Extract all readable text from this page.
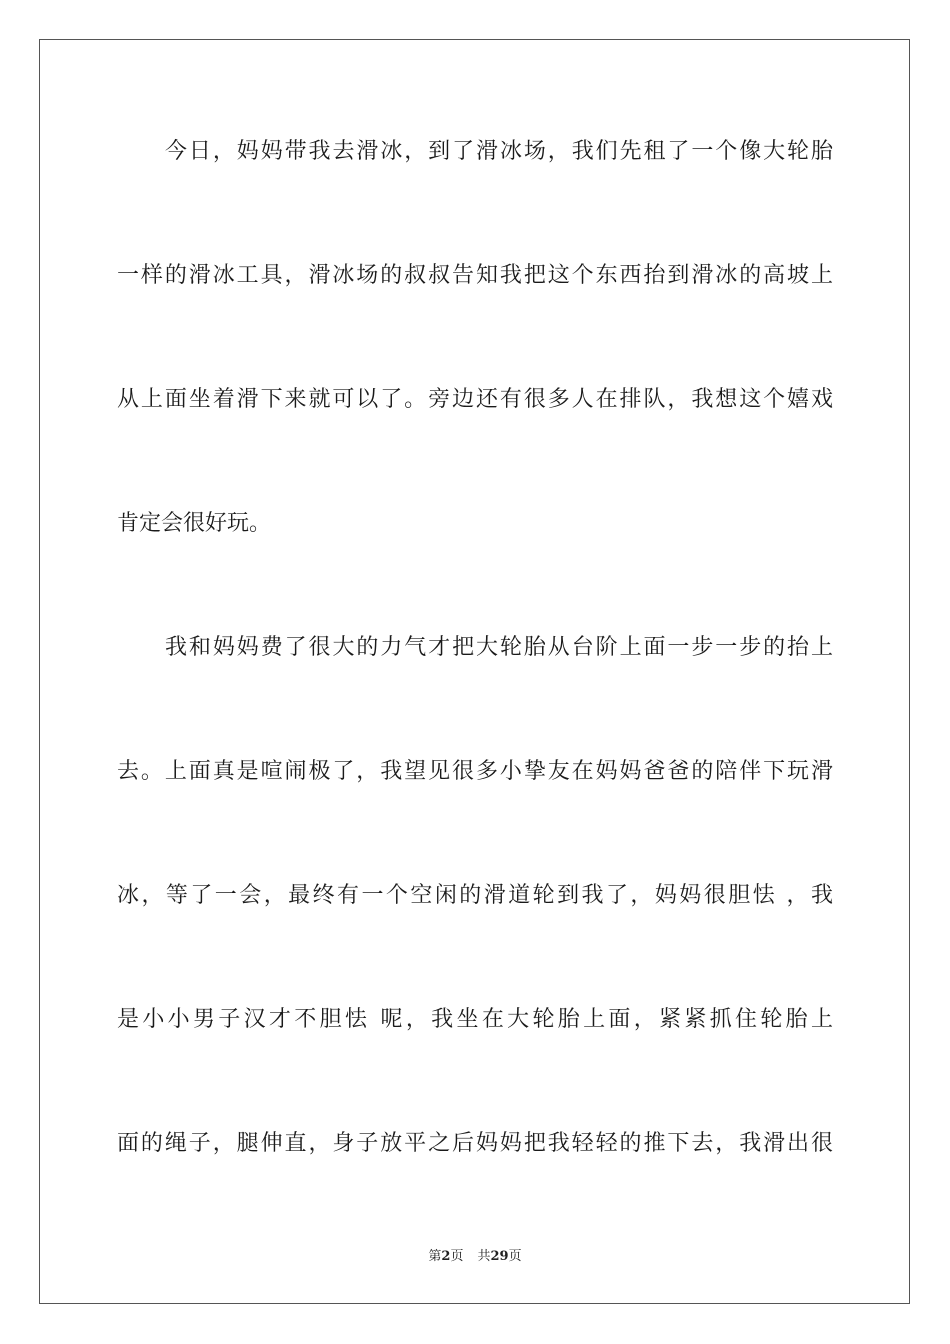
今日，妈妈带我去滑冰，到了滑冰场，我们先租了一个像大轮胎
一样的滑冰工具，滑冰场的叔叔告知我把这个东西抬到滑冰的高坡上
从上面坐着滑下来就可以了。旁边还有很多人在排队，我想这个嬉戏
肯定会很好玩。
我和妈妈费了很大的力气才把大轮胎从台阶上面一步一步的抬上
去。上面真是喧闹极了，我望见很多小挚友在妈妈爸爸的陪伴下玩滑
冰，等了一会，最终有一个空闲的滑道轮到我了，妈妈很胆怯 ，我
是小小男子汉才不胆怯 呢，我坐在大轮胎上面，紧紧抓住轮胎上
面的绳子，腿伸直，身子放平之后妈妈把我轻轻的推下去，我滑出很
第2页 共29页
